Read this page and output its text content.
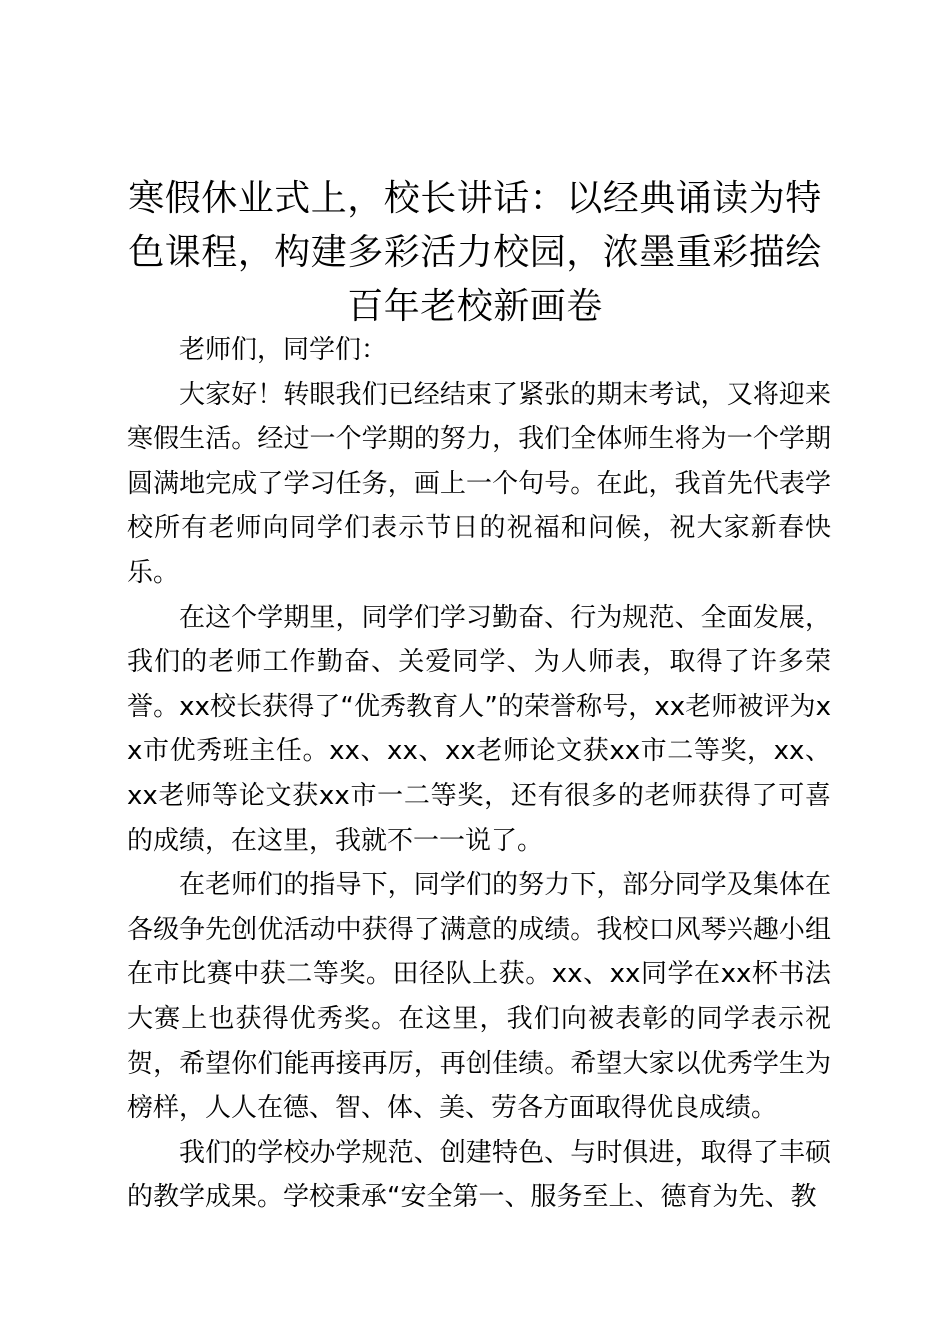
寒假休业式上，校长讲话：以经典诵读为特色课程，构建多彩活力校园，浓墨重彩描绘百年老校新画卷

老师们，同学们：

大家好！转眼我们已经结束了紧张的期末考试，又将迎来寒假生活。经过一个学期的努力，我们全体师生将为一个学期圆满地完成了学习任务，画上一个句号。在此，我首先代表学校所有老师向同学们表示节日的祝福和问候，祝大家新春快乐。

在这个学期里，同学们学习勤奋、行为规范、全面发展，我们的老师工作勤奋、关爱同学、为人师表，取得了许多荣誉。xx校长获得了“优秀教育人”的荣誉称号，xx老师被评为xx市优秀班主任。xx、xx、xx老师论文获xx市二等奖，xx、xx老师等论文获xx市一二等奖，还有很多的老师获得了可喜的成绩，在这里，我就不一一说了。

在老师们的指导下，同学们的努力下，部分同学及集体在各级争先创优活动中获得了满意的成绩。我校口风琴兴趣小组在市比赛中获二等奖。田径队上获。xx、xx同学在xx杯书法大赛上也获得优秀奖。在这里，我们向被表彰的同学表示祝贺，希望你们能再接再厉，再创佳绩。希望大家以优秀学生为榜样，人人在德、智、体、美、劳各方面取得优良成绩。

我们的学校办学规范、创建特色、与时俱进，取得了丰硕的教学成果。学校秉承“安全第一、服务至上、德育为先、教
